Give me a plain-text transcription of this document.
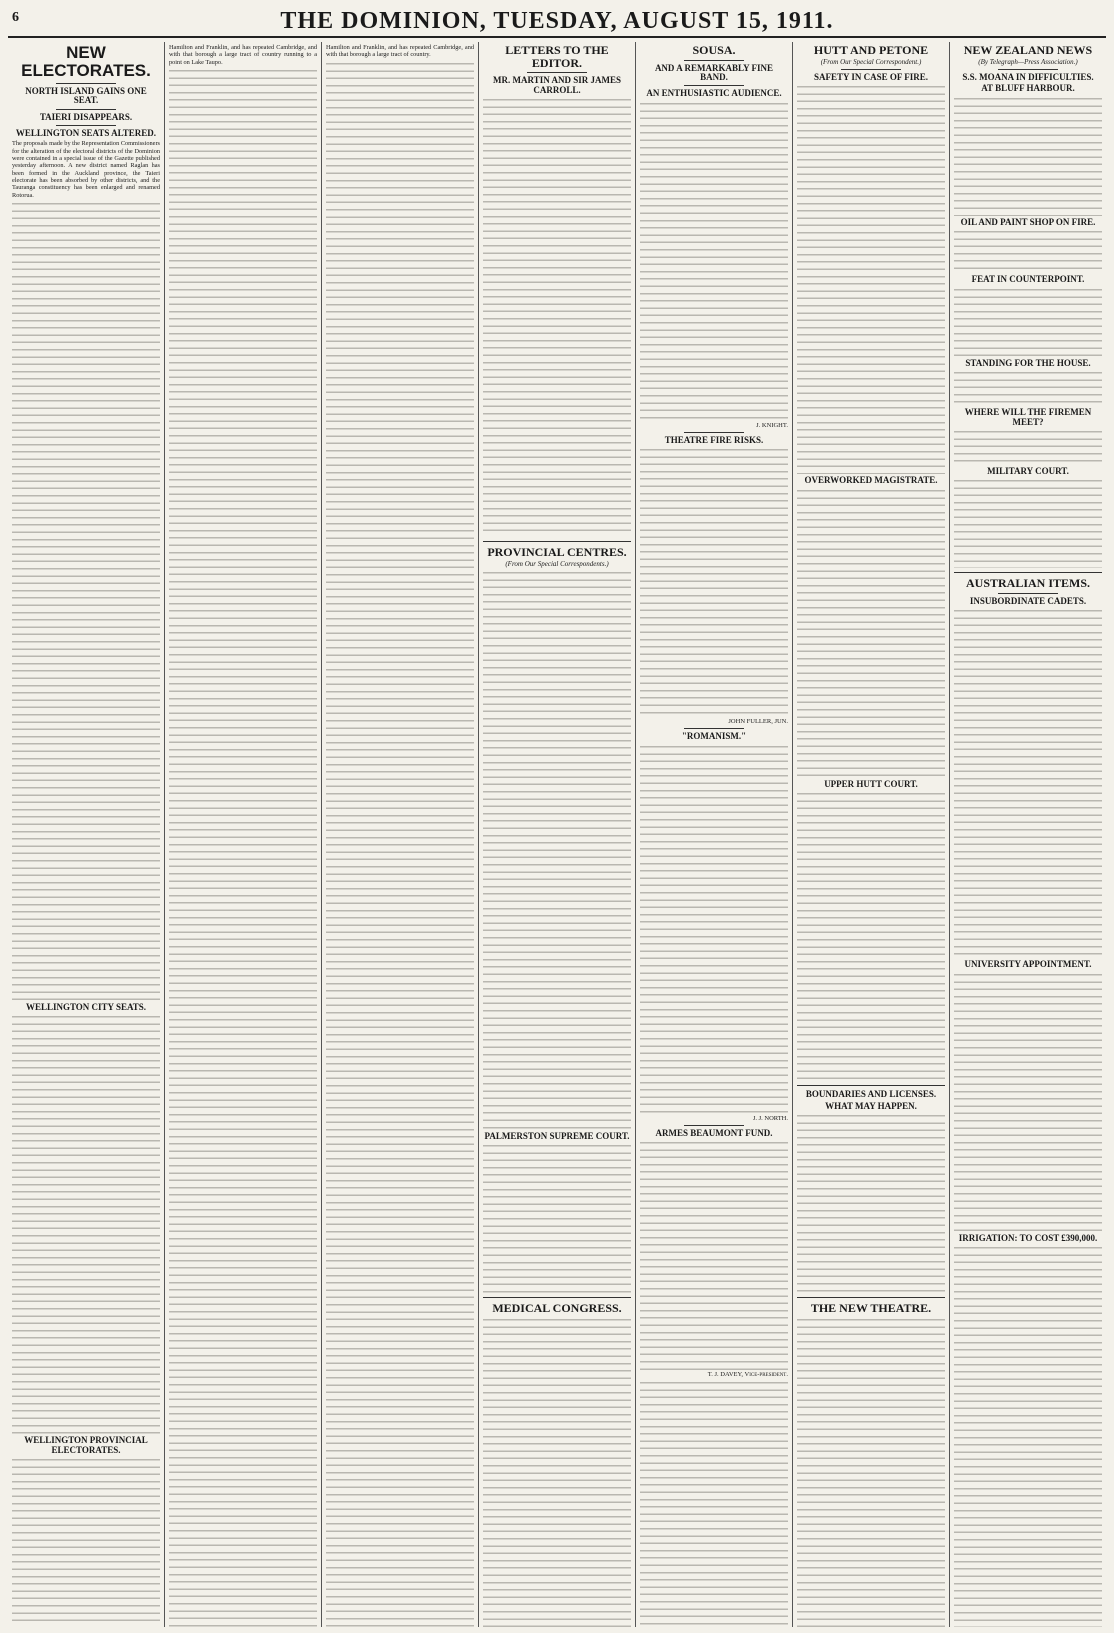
6	THE DOMINION, TUESDAY, AUGUST 15, 1911.
NEW ELECTORATES.
NORTH ISLAND GAINS ONE SEAT.
TAIERI DISAPPEARS.
WELLINGTON SEATS ALTERED.
The proposals made by the Representation Commissioners for the alteration of the electoral districts of the Dominion were contained in a special issue of the Gazette published yesterday afternoon. A new district named Raglan has been formed in the Auckland province, the Taieri electorate has been absorbed by other districts, and the Tauranga constituency has been enlarged and renamed Rotorua.
WELLINGTON CITY SEATS.
WELLINGTON PROVINCIAL ELECTORATES.
Hamilton and Franklin, and has repeated Cambridge, and with that borough a large tract of country running to a point on Lake Taupo.
Hamilton and Franklin, and has repeated Cambridge, and with that borough a large tract of country.	LETTERS TO THE EDITOR.
MR. MARTIN AND SIR JAMES CARROLL.
PROVINCIAL CENTRES.
(From Our Special Correspondents.)
PALMERSTON SUPREME COURT.
MEDICAL CONGRESS.
SOUSA.
AND A REMARKABLY FINE BAND.
AN ENTHUSIASTIC AUDIENCE.
J. KNIGHT.
THEATRE FIRE RISKS.
JOHN FULLER, JUN.
"ROMANISM."
J. J. NORTH.
ARMES BEAUMONT FUND.
T. J. DAVEY, Vice-president.
HUTT AND PETONE
(From Our Special Correspondent.)
SAFETY IN CASE OF FIRE.
OVERWORKED MAGISTRATE.
UPPER HUTT COURT.
BOUNDARIES AND LICENSES.
WHAT MAY HAPPEN.
THE NEW THEATRE.
NEW ZEALAND NEWS
(By Telegraph—Press Association.)
S.S. MOANA IN DIFFICULTIES.
AT BLUFF HARBOUR.
OIL AND PAINT SHOP ON FIRE.
FEAT IN COUNTERPOINT.
STANDING FOR THE HOUSE.
WHERE WILL THE FIREMEN MEET?
MILITARY COURT.
AUSTRALIAN ITEMS.
INSUBORDINATE CADETS.
UNIVERSITY APPOINTMENT.
IRRIGATION: TO COST £390,000.
